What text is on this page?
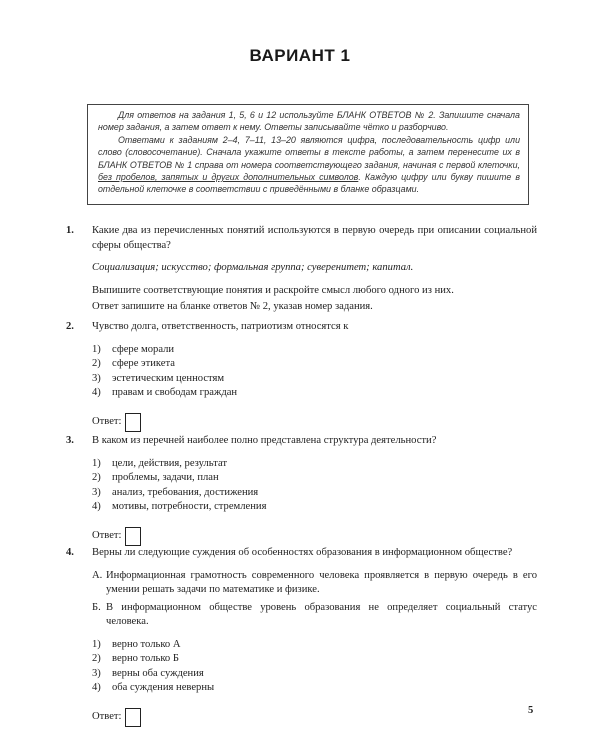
ВАРИАНТ 1

Для ответов на задания 1, 5, 6 и 12 используйте БЛАНК ОТВЕТОВ № 2. Запишите сначала номер задания, а затем ответ к нему. Ответы записывайте чётко и разборчиво.

Ответами к заданиям 2–4, 7–11, 13–20 являются цифра, последовательность цифр или слово (словосочетание). Сначала укажите ответы в тексте работы, а затем перенесите их в БЛАНК ОТВЕТОВ № 1 справа от номера соответствующего задания, начиная с первой клеточки, без пробелов, запятых и других дополнительных символов. Каждую цифру или букву пишите в отдельной клеточке в соответствии с приведёнными в бланке образцами.

1. Какие два из перечисленных понятий используются в первую очередь при описании социальной сферы общества?

Социализация; искусство; формальная группа; суверенитет; капитал.

Выпишите соответствующие понятия и раскройте смысл любого одного из них.

Ответ запишите на бланке ответов № 2, указав номер задания.

2. Чувство долга, ответственность, патриотизм относятся к

1) сфере морали
2) сфере этикета
3) эстетическим ценностям
4) правам и свободам граждан
Ответ:
3. В каком из перечней наиболее полно представлена структура деятельности?

1) цели, действия, результат
2) проблемы, задачи, план
3) анализ, требования, достижения
4) мотивы, потребности, стремления
Ответ:
4. Верны ли следующие суждения об особенностях образования в информационном обществе?

А. Информационная грамотность современного человека проявляется в первую очередь в его умении решать задачи по математике и физике.
Б. В информационном обществе уровень образования не определяет социальный статус человека.
1) верно только А
2) верно только Б
3) верны оба суждения
4) оба суждения неверны
Ответ:
5
